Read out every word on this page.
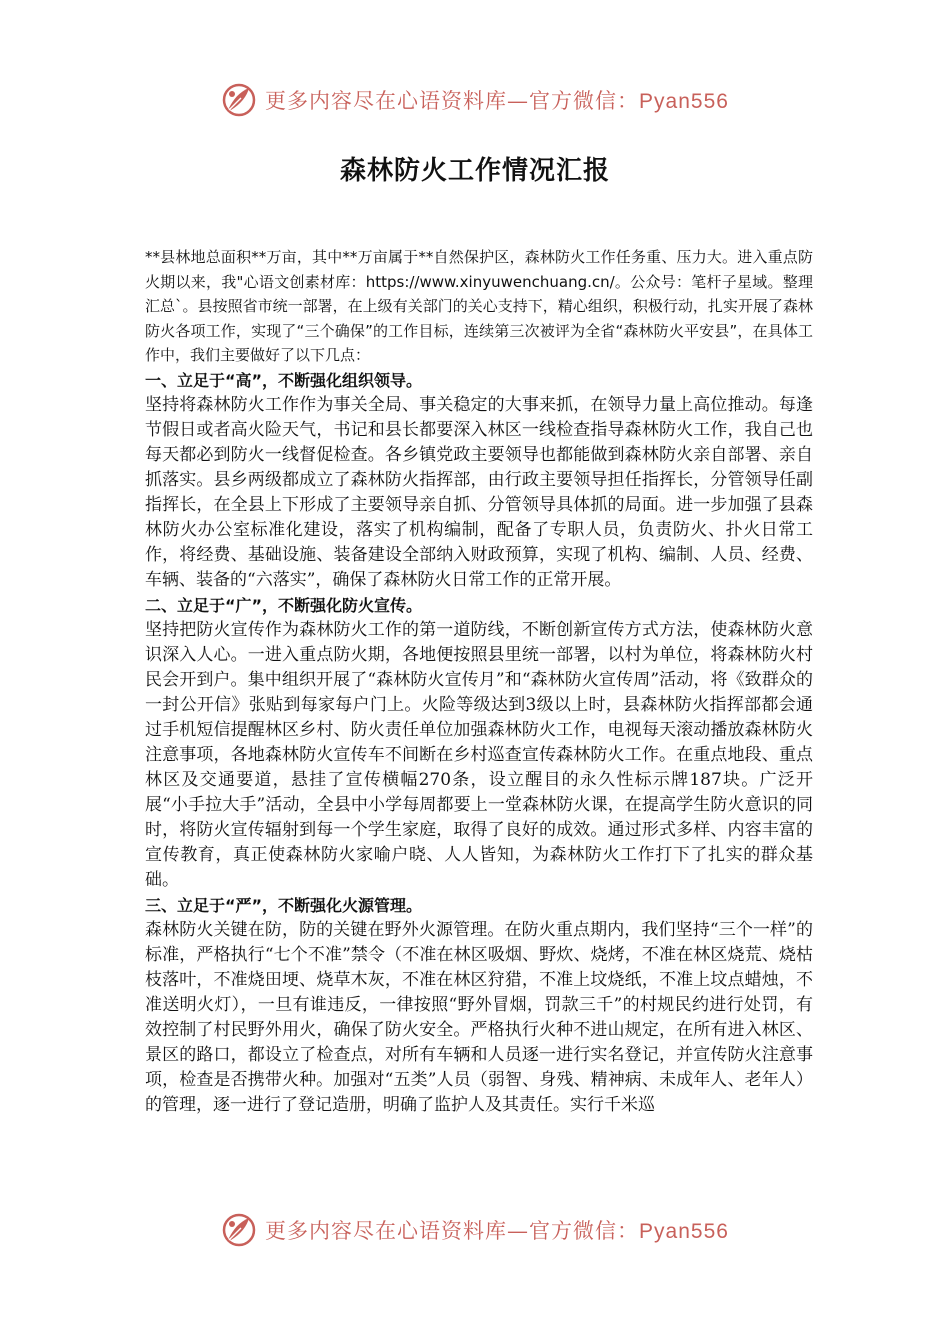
更多内容尽在心语资料库—官方微信：Pyan556
森林防火工作情况汇报

**县林地总面积**万亩，其中**万亩属于**自然保护区，森林防火工作任务重、压力大。进入重点防火期以来，我"心语文创素材库：https://www.xinyuwenchuang.cn/。公众号：笔杆子星域。整理汇总`。县按照省市统一部署，在上级有关部门的关心支持下，精心组织，积极行动，扎实开展了森林防火各项工作，实现了“三个确保”的工作目标，连续第三次被评为全省“森林防火平安县”，在具体工作中，我们主要做好了以下几点：

一、立足于“高”，不断强化组织领导。

坚持将森林防火工作作为事关全局、事关稳定的大事来抓，在领导力量上高位推动。每逢节假日或者高火险天气，书记和县长都要深入林区一线检查指导森林防火工作，我自己也每天都必到防火一线督促检查。各乡镇党政主要领导也都能做到森林防火亲自部署、亲自抓落实。县乡两级都成立了森林防火指挥部，由行政主要领导担任指挥长，分管领导任副指挥长，在全县上下形成了主要领导亲自抓、分管领导具体抓的局面。进一步加强了县森林防火办公室标准化建设，落实了机构编制，配备了专职人员，负责防火、扑火日常工作，将经费、基础设施、装备建设全部纳入财政预算，实现了机构、编制、人员、经费、车辆、装备的“六落实”，确保了森林防火日常工作的正常开展。

二、立足于“广”，不断强化防火宣传。

坚持把防火宣传作为森林防火工作的第一道防线，不断创新宣传方式方法，使森林防火意识深入人心。一进入重点防火期，各地便按照县里统一部署，以村为单位，将森林防火村民会开到户。集中组织开展了“森林防火宣传月”和“森林防火宣传周”活动，将《致群众的一封公开信》张贴到每家每户门上。火险等级达到3级以上时，县森林防火指挥部都会通过手机短信提醒林区乡村、防火责任单位加强森林防火工作，电视每天滚动播放森林防火注意事项，各地森林防火宣传车不间断在乡村巡查宣传森林防火工作。在重点地段、重点林区及交通要道，悬挂了宣传横幅270条，设立醒目的永久性标示牌187块。广泛开展“小手拉大手”活动，全县中小学每周都要上一堂森林防火课，在提高学生防火意识的同时，将防火宣传辐射到每一个学生家庭，取得了良好的成效。通过形式多样、内容丰富的宣传教育，真正使森林防火家喻户晓、人人皆知，为森林防火工作打下了扎实的群众基础。

三、立足于“严”，不断强化火源管理。

森林防火关键在防，防的关键在野外火源管理。在防火重点期内，我们坚持“三个一样”的标准，严格执行“七个不准”禁令（不准在林区吸烟、野炊、烧烤，不准在林区烧荒、烧枯枝落叶，不准烧田埂、烧草木灰，不准在林区狩猎，不准上坟烧纸，不准上坟点蜡烛，不准送明火灯），一旦有谁违反，一律按照“野外冒烟，罚款三千”的村规民约进行处罚，有效控制了村民野外用火，确保了防火安全。严格执行火种不进山规定，在所有进入林区、景区的路口，都设立了检查点，对所有车辆和人员逐一进行实名登记，并宣传防火注意事项，检查是否携带火种。加强对“五类”人员（弱智、身残、精神病、未成年人、老年人）的管理，逐一进行了登记造册，明确了监护人及其责任。实行千米巡

更多内容尽在心语资料库—官方微信：Pyan556
